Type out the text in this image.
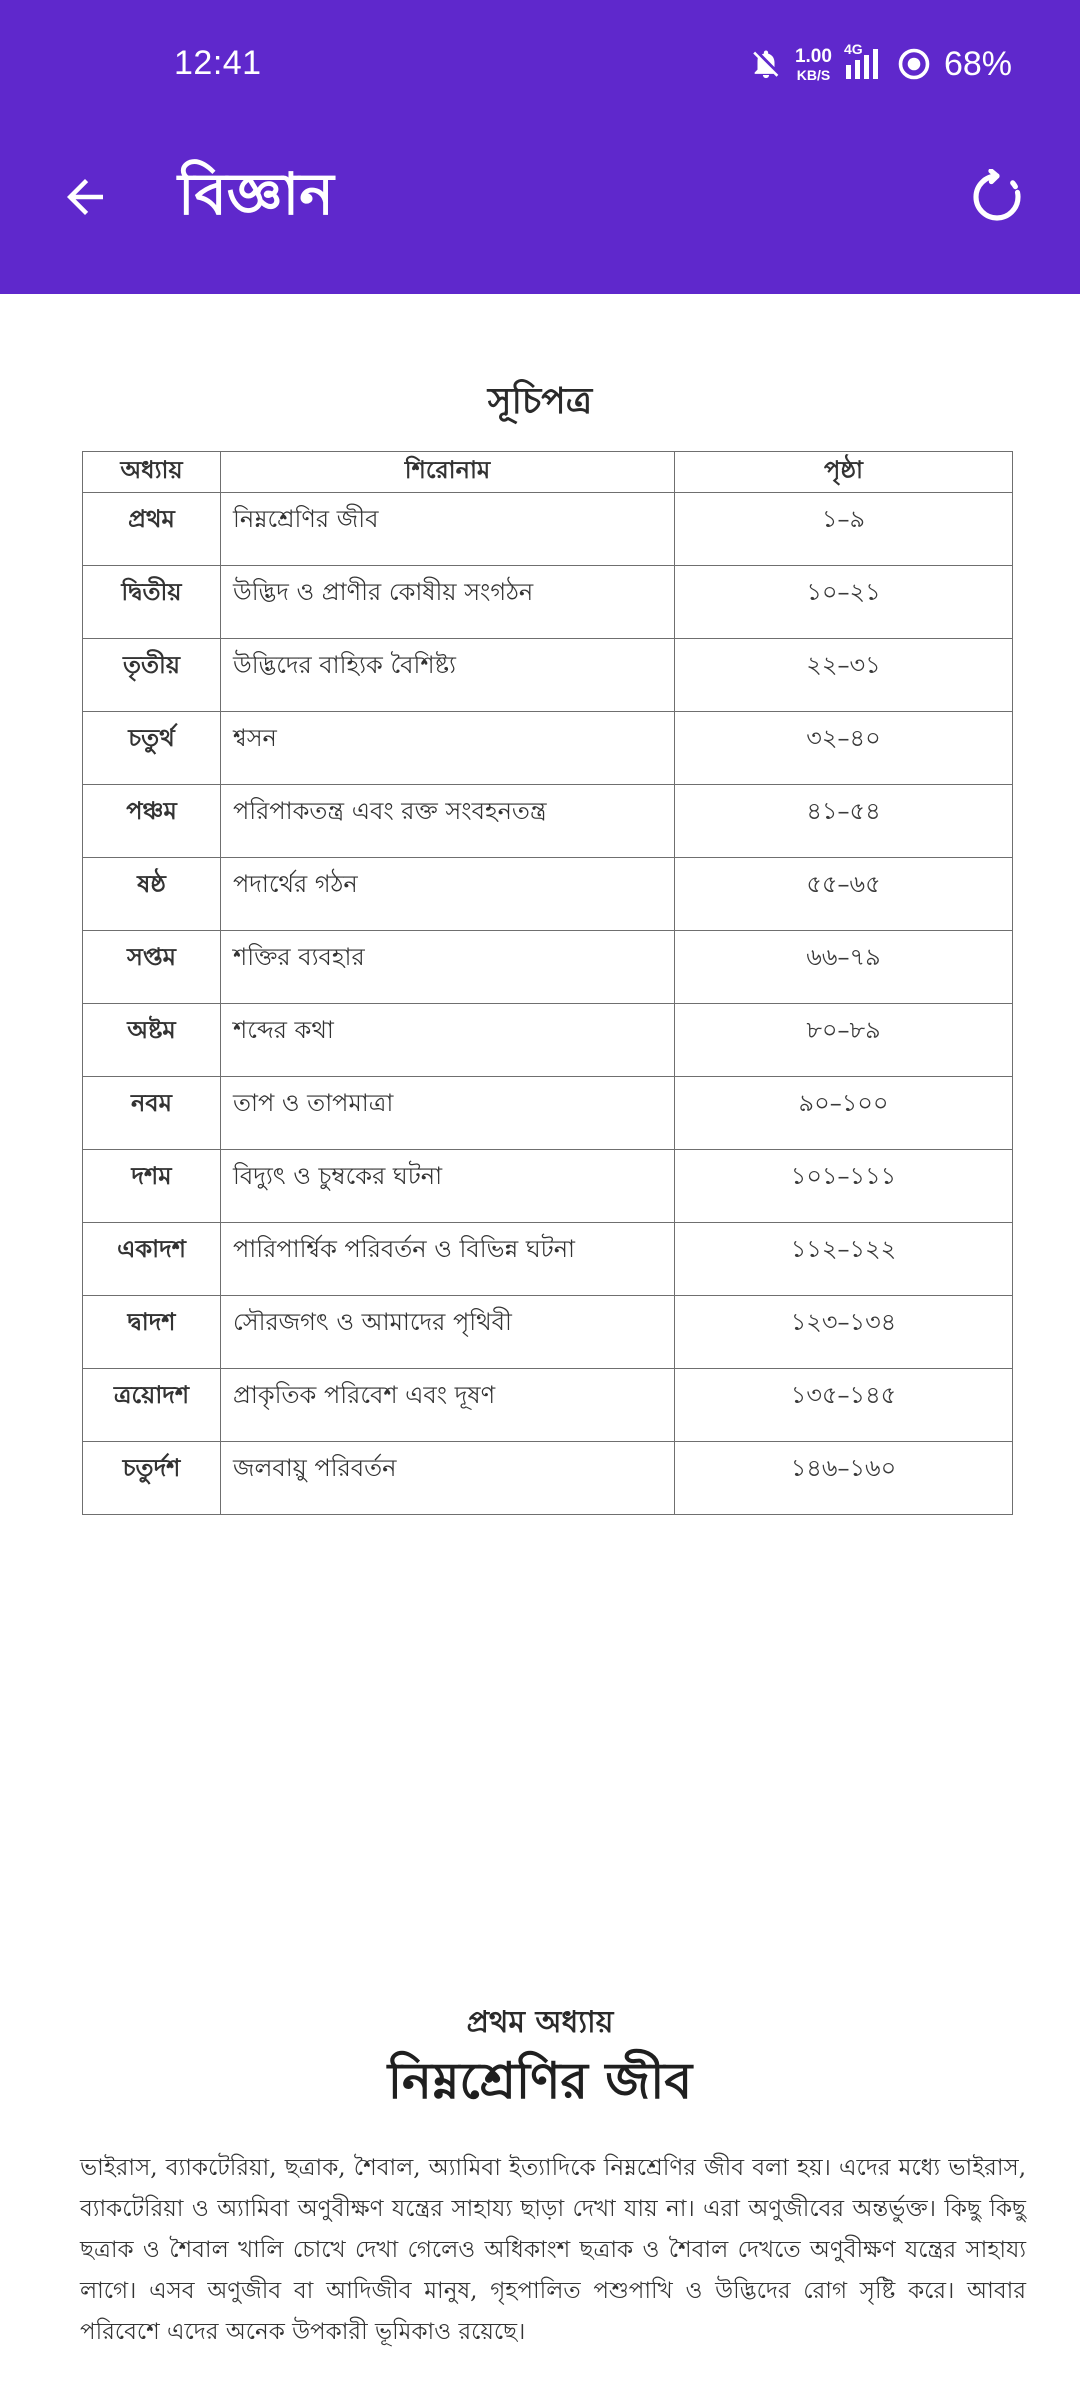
12:41	1.00
KB/S
4G 68%
বিজ্ঞান
সূচিপত্র
অধ্যায়	শিরোনাম	পৃষ্ঠা
প্রথম	নিম্নশ্রেণির জীব	১–৯
দ্বিতীয়	উদ্ভিদ ও প্রাণীর কোষীয় সংগঠন	১০–২১
তৃতীয়	উদ্ভিদের বাহ্যিক বৈশিষ্ট্য	২২–৩১
চতুর্থ	শ্বসন	৩২–৪০
পঞ্চম	পরিপাকতন্ত্র এবং রক্ত সংবহনতন্ত্র	৪১–৫৪
ষষ্ঠ	পদার্থের গঠন	৫৫–৬৫
সপ্তম	শক্তির ব্যবহার	৬৬–৭৯
অষ্টম	শব্দের কথা	৮০–৮৯
নবম	তাপ ও তাপমাত্রা	৯০–১০০
দশম	বিদ্যুৎ ও চুম্বকের ঘটনা	১০১–১১১
একাদশ	পারিপার্শ্বিক পরিবর্তন ও বিভিন্ন ঘটনা	১১২–১২২
দ্বাদশ	সৌরজগৎ ও আমাদের পৃথিবী	১২৩–১৩৪
ত্রয়োদশ	প্রাকৃতিক পরিবেশ এবং দূষণ	১৩৫–১৪৫
চতুর্দশ	জলবায়ু পরিবর্তন	১৪৬–১৬০
প্রথম অধ্যায়
নিম্নশ্রেণির জীব

ভাইরাস, ব্যাকটেরিয়া, ছত্রাক, শৈবাল, অ্যামিবা ইত্যাদিকে নিম্নশ্রেণির জীব বলা হয়। এদের মধ্যে ভাইরাস, ব্যাকটেরিয়া ও অ্যামিবা অণুবীক্ষণ যন্ত্রের সাহায্য ছাড়া দেখা যায় না। এরা অণুজীবের অন্তর্ভুক্ত। কিছু কিছু ছত্রাক ও শৈবাল খালি চোখে দেখা গেলেও অধিকাংশ ছত্রাক ও শৈবাল দেখতে অণুবীক্ষণ যন্ত্রের সাহায্য লাগে। এসব অণুজীব বা আদিজীব মানুষ, গৃহপালিত পশুপাখি ও উদ্ভিদের রোগ সৃষ্টি করে। আবার পরিবেশে এদের অনেক উপকারী ভূমিকাও রয়েছে।
